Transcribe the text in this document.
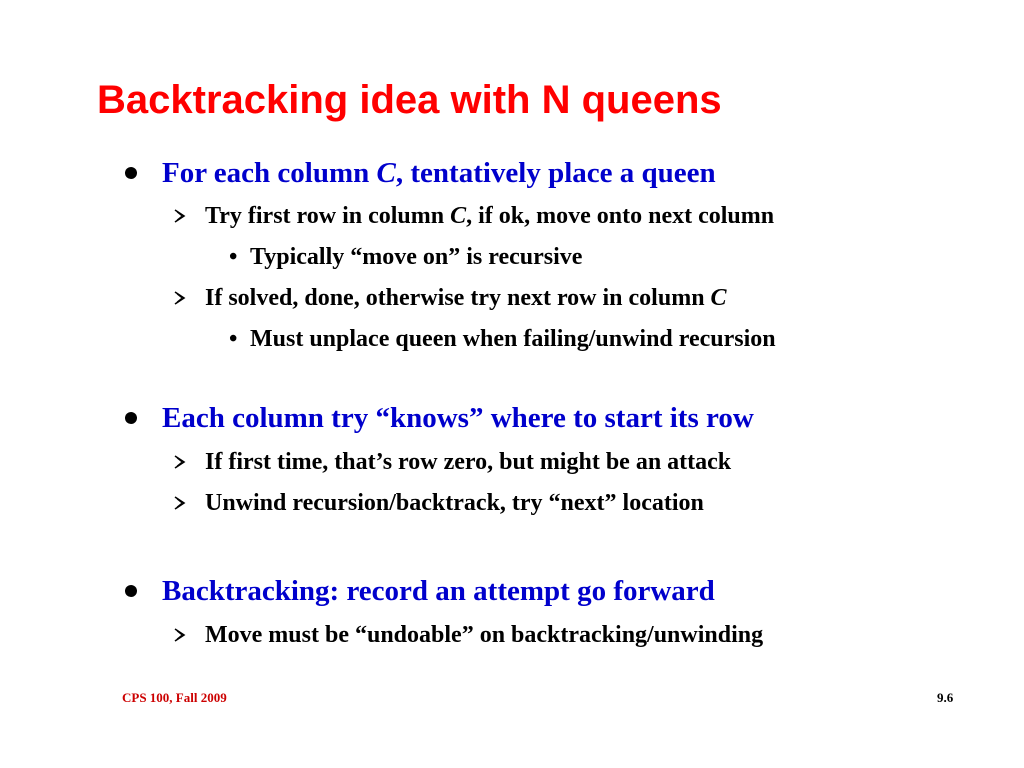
Backtracking idea with N queens
For each column C, tentatively place a queen
Try first row in column C, if ok, move onto next column
• Typically “move on” is recursive
If solved, done, otherwise try next row in column C
• Must unplace queen when failing/unwind recursion
Each column try “knows” where to start its row
If first time, that’s row zero, but might be an attack
Unwind recursion/backtrack, try “next” location
Backtracking: record an attempt go forward
Move must be “undoable” on backtracking/unwinding
CPS 100, Fall 2009	9.6
